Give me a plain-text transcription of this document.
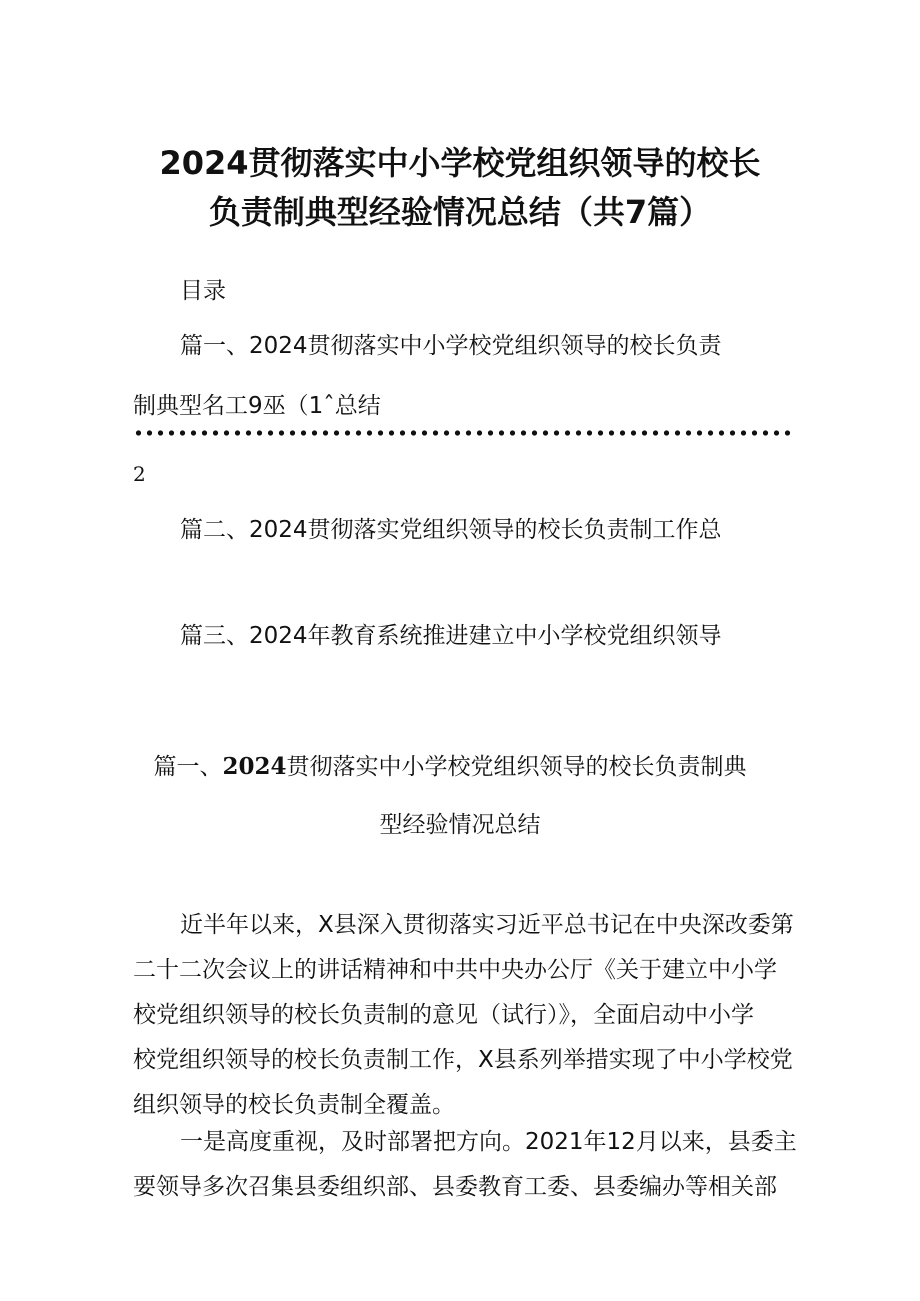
2024贯彻落实中小学校党组织领导的校长
负责制典型经验情况总结（共7篇）
目录
篇一、2024贯彻落实中小学校党组织领导的校长负责
制典型名工9巫（1ˆ总结
2
篇二、2024贯彻落实党组织领导的校长负责制工作总
篇三、2024年教育系统推进建立中小学校党组织领导
篇一、2024贯彻落实中小学校党组织领导的校长负责制典
型经验情况总结
近半年以来，X县深入贯彻落实习近平总书记在中央深改委第
二十二次会议上的讲话精神和中共中央办公厅《关于建立中小学
校党组织领导的校长负责制的意见（试行）》，全面启动中小学
校党组织领导的校长负责制工作，X县系列举措实现了中小学校党
组织领导的校长负责制全覆盖。
一是高度重视，及时部署把方向。2021年12月以来，县委主
要领导多次召集县委组织部、县委教育工委、县委编办等相关部
